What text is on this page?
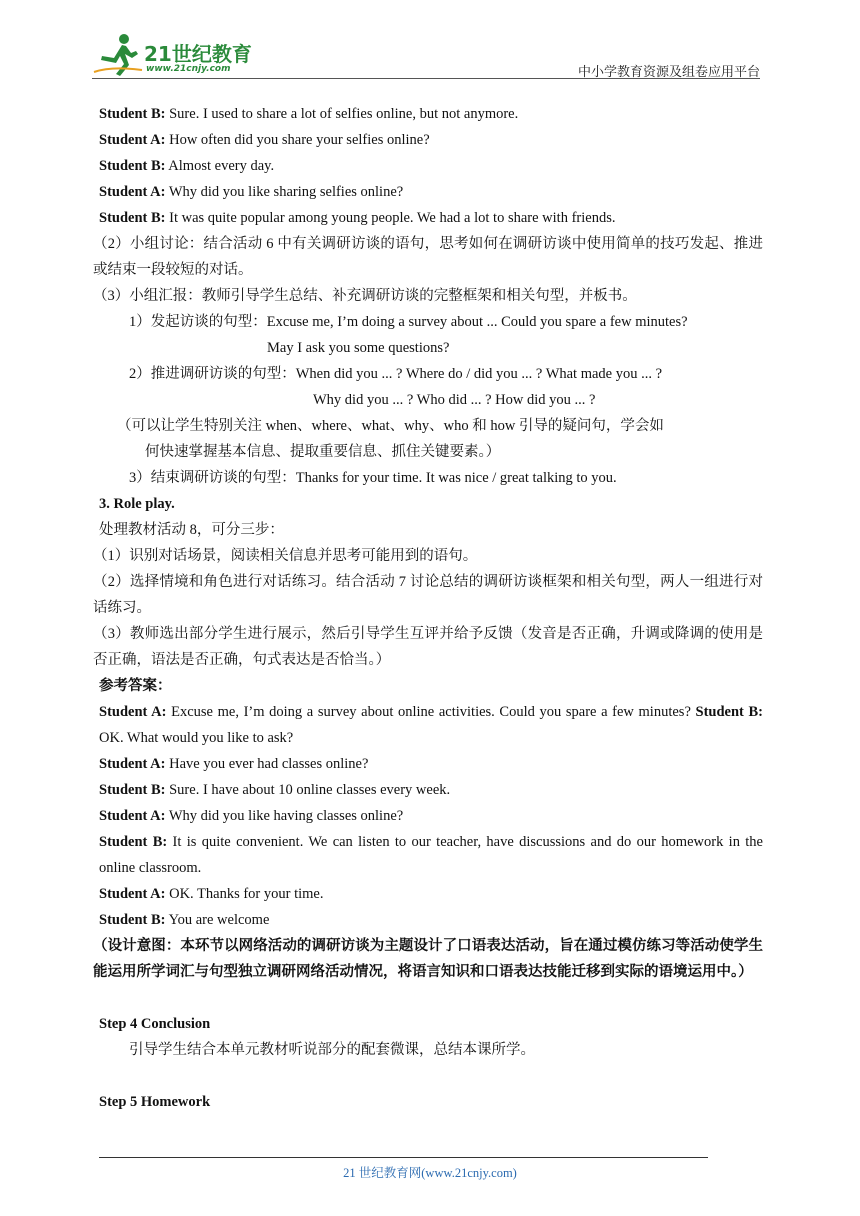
21世纪教育
www.21cnjy.com	中小学教育资源及组卷应用平台
Student B: Sure. I used to share a lot of selfies online, but not anymore.
Student A: How often did you share your selfies online?
Student B: Almost every day.
Student A: Why did you like sharing selfies online?
Student B: It was quite popular among young people. We had a lot to share with friends.
（2）小组讨论：结合活动 6 中有关调研访谈的语句，思考如何在调研访谈中使用简单的技巧发起、推进或结束一段较短的对话。
（3）小组汇报：教师引导学生总结、补充调研访谈的完整框架和相关句型，并板书。
1）发起访谈的句型：Excuse me, I’m doing a survey about ... Could you spare a few minutes?
May I ask you some questions?
2）推进调研访谈的句型：When did you ... ? Where do / did you ... ? What made you ... ?
Why did you ... ? Who did ... ? How did you ... ?
（可以让学生特别关注 when、where、what、why、who 和 how 引导的疑问句，学会如
何快速掌握基本信息、提取重要信息、抓住关键要素。）
3）结束调研访谈的句型：Thanks for your time. It was nice / great talking to you.
3. Role play.
处理教材活动 8，可分三步：
（1）识别对话场景，阅读相关信息并思考可能用到的语句。
（2）选择情境和角色进行对话练习。结合活动 7 讨论总结的调研访谈框架和相关句型，两人一组进行对话练习。
（3）教师选出部分学生进行展示，然后引导学生互评并给予反馈（发音是否正确，升调或降调的使用是否正确，语法是否正确，句式表达是否恰当。）
参考答案：
Student A: Excuse me, I’m doing a survey about online activities. Could you spare a few minutes? Student B: OK. What would you like to ask?
Student A: Have you ever had classes online?
Student B: Sure. I have about 10 online classes every week.
Student A: Why did you like having classes online?
Student B: It is quite convenient. We can listen to our teacher, have discussions and do our homework in the online classroom.
Student A: OK. Thanks for your time.
Student B: You are welcome
（设计意图：本环节以网络活动的调研访谈为主题设计了口语表达活动，旨在通过模仿练习等活动使学生能运用所学词汇与句型独立调研网络活动情况，将语言知识和口语表达技能迁移到实际的语境运用中。）
Step 4 Conclusion
引导学生结合本单元教材听说部分的配套微课，总结本课所学。
Step 5 Homework
21 世纪教育网(www.21cnjy.com)
